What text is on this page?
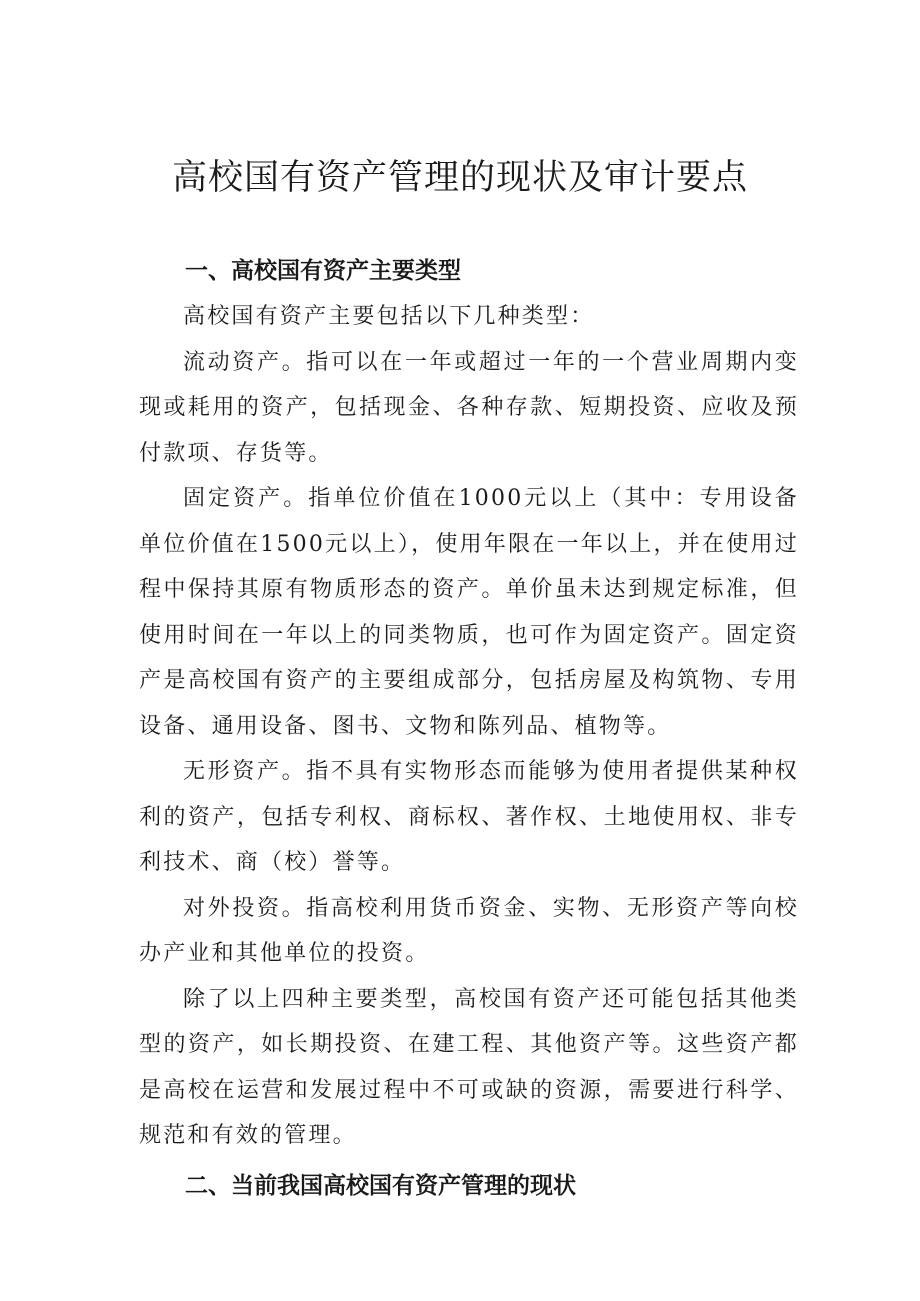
高校国有资产管理的现状及审计要点
一、高校国有资产主要类型

高校国有资产主要包括以下几种类型：

流动资产。指可以在一年或超过一年的一个营业周期内变现或耗用的资产，包括现金、各种存款、短期投资、应收及预付款项、存货等。

固定资产。指单位价值在1000元以上（其中：专用设备单位价值在1500元以上），使用年限在一年以上，并在使用过程中保持其原有物质形态的资产。单价虽未达到规定标准，但使用时间在一年以上的同类物质，也可作为固定资产。固定资产是高校国有资产的主要组成部分，包括房屋及构筑物、专用设备、通用设备、图书、文物和陈列品、植物等。

无形资产。指不具有实物形态而能够为使用者提供某种权利的资产，包括专利权、商标权、著作权、土地使用权、非专利技术、商（校）誉等。

对外投资。指高校利用货币资金、实物、无形资产等向校办产业和其他单位的投资。

除了以上四种主要类型，高校国有资产还可能包括其他类型的资产，如长期投资、在建工程、其他资产等。这些资产都是高校在运营和发展过程中不可或缺的资源，需要进行科学、规范和有效的管理。

二、当前我国高校国有资产管理的现状
